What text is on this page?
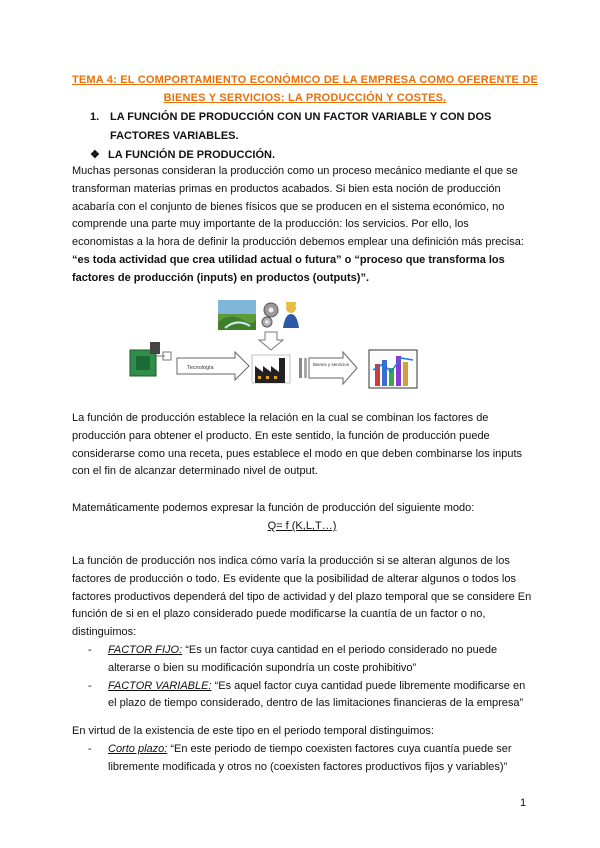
TEMA 4: EL COMPORTAMIENTO ECONÓMICO DE LA EMPRESA COMO OFERENTE DE BIENES Y SERVICIOS: LA PRODUCCIÓN Y COSTES.
1. LA FUNCIÓN DE PRODUCCIÓN CON UN FACTOR VARIABLE Y CON DOS FACTORES VARIABLES.
❖ LA FUNCIÓN DE PRODUCCIÓN.
Muchas personas consideran la producción como un proceso mecánico mediante el que se transforman materias primas en productos acabados. Si bien esta noción de producción acabaría con el conjunto de bienes físicos que se producen en el sistema económico, no comprende una parte muy importante de la producción: los servicios. Por ello, los economistas a la hora de definir la producción debemos emplear una definición más precisa: “es toda actividad que crea utilidad actual o futura” o “proceso que transforma los factores de producción (inputs) en productos (outputs)”.
Tecnología
Bienes y servicios
La función de producción establece la relación en la cual se combinan los factores de producción para obtener el producto. En este sentido, la función de producción puede considerarse como una receta, pues establece el modo en que deben combinarse los inputs con el fin de alcanzar determinado nivel de output.
Matemáticamente podemos expresar la función de producción del siguiente modo:
Q= f (K,L,T…)
La función de producción nos indica cómo varía la producción si se alteran algunos de los factores de producción o todo. Es evidente que la posibilidad de alterar algunos o todos los factores productivos dependerá del tipo de actividad y del plazo temporal que se considere En función de si en el plazo considerado puede modificarse la cuantía de un factor o no, distinguimos:
- FACTOR FIJO: “Es un factor cuya cantidad en el periodo considerado no puede alterarse o bien su modificación supondría un coste prohibitivo”
- FACTOR VARIABLE: “Es aquel factor cuya cantidad puede libremente modificarse en el plazo de tiempo considerado, dentro de las limitaciones financieras de la empresa”
En virtud de la existencia de este tipo en el periodo temporal distinguimos:
- Corto plazo: “En este periodo de tiempo coexisten factores cuya cuantía puede ser libremente modificada y otros no (coexisten factores productivos fijos y variables)”
1
